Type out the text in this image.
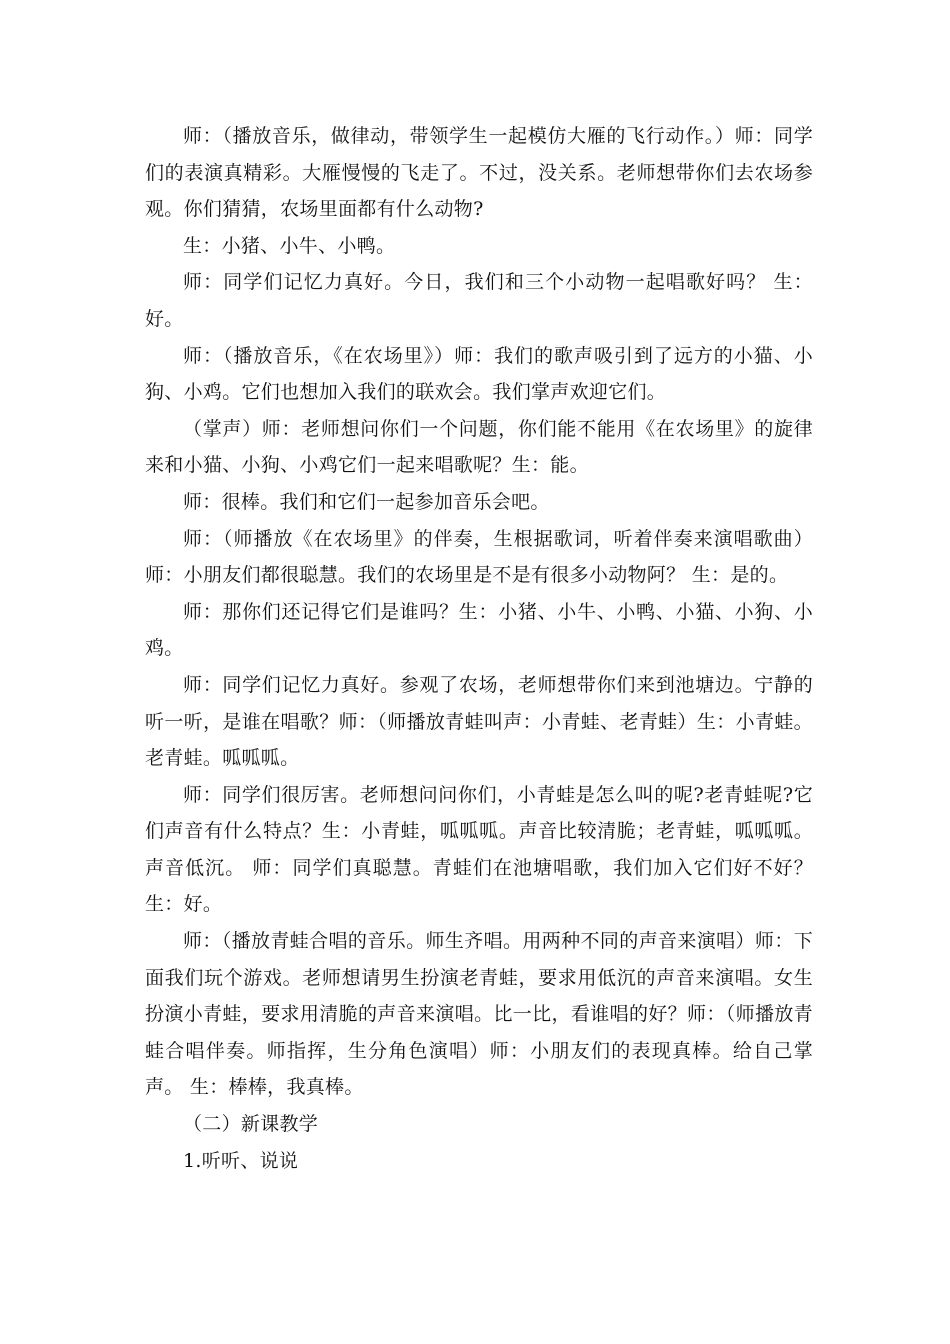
师：（播放音乐，做律动，带领学生一起模仿大雁的飞行动作。）师：同学们的表演真精彩。大雁慢慢的飞走了。不过，没关系。老师想带你们去农场参观。你们猜猜，农场里面都有什么动物?

生：小猪、小牛、小鸭。

师：同学们记忆力真好。今日，我们和三个小动物一起唱歌好吗？ 生：好。

师：（播放音乐，《在农场里》）师：我们的歌声吸引到了远方的小猫、小狗、小鸡。它们也想加入我们的联欢会。我们掌声欢迎它们。

（掌声）师：老师想问你们一个问题，你们能不能用《在农场里》的旋律来和小猫、小狗、小鸡它们一起来唱歌呢？生：能。

师：很棒。我们和它们一起参加音乐会吧。

师：（师播放《在农场里》的伴奏，生根据歌词，听着伴奏来演唱歌曲）师：小朋友们都很聪慧。我们的农场里是不是有很多小动物阿？ 生：是的。

师：那你们还记得它们是谁吗？生：小猪、小牛、小鸭、小猫、小狗、小鸡。

师：同学们记忆力真好。参观了农场，老师想带你们来到池塘边。宁静的听一听，是谁在唱歌？师：（师播放青蛙叫声：小青蛙、老青蛙）生：小青蛙。老青蛙。呱呱呱。

师：同学们很厉害。老师想问问你们，小青蛙是怎么叫的呢?老青蛙呢?它们声音有什么特点？生：小青蛙，呱呱呱。声音比较清脆；老青蛙，呱呱呱。声音低沉。 师：同学们真聪慧。青蛙们在池塘唱歌，我们加入它们好不好？生：好。

师：（播放青蛙合唱的音乐。师生齐唱。用两种不同的声音来演唱）师：下面我们玩个游戏。老师想请男生扮演老青蛙，要求用低沉的声音来演唱。女生扮演小青蛙，要求用清脆的声音来演唱。比一比，看谁唱的好？师：（师播放青蛙合唱伴奏。师指挥，生分角色演唱）师：小朋友们的表现真棒。给自己掌声。 生：棒棒，我真棒。

（二）新课教学

1.听听、说说
